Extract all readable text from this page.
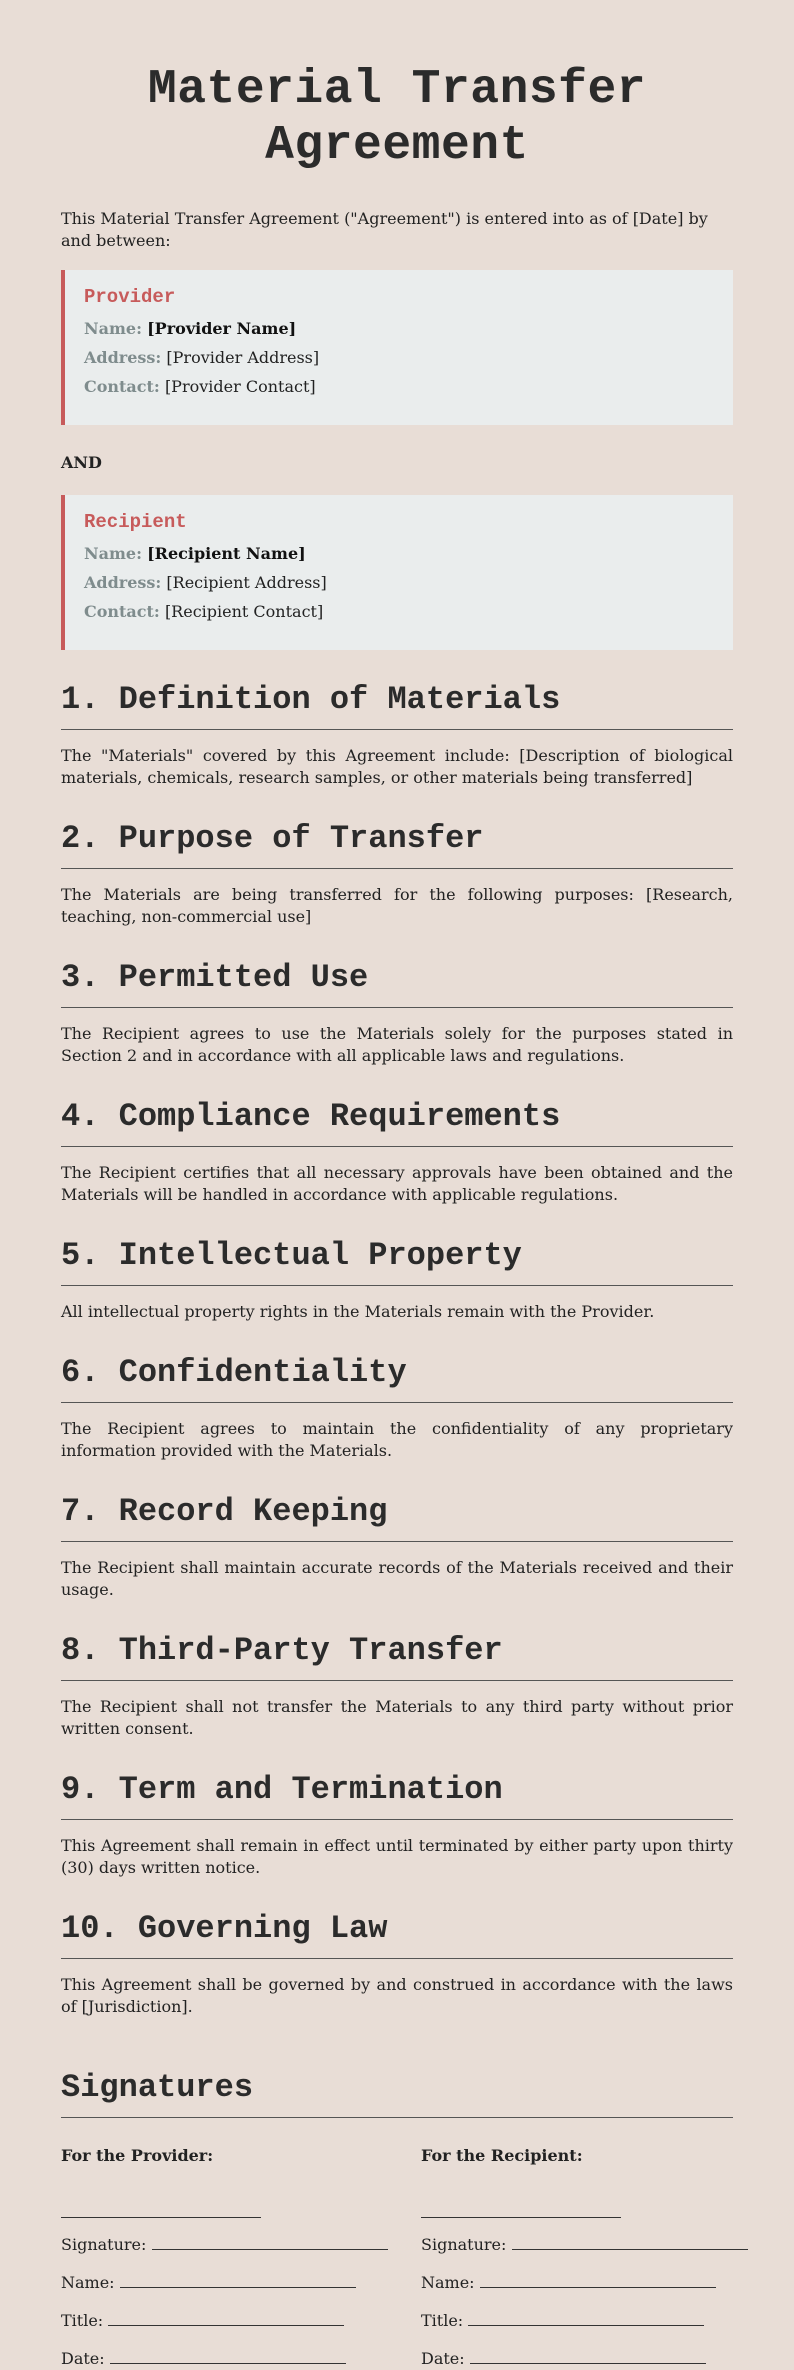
Material Transfer Agreement

This Material Transfer Agreement ("Agreement") is entered into as of [Date] by and between:

Provider
Name: [Provider Name]
Address: [Provider Address]
Contact: [Provider Contact]
AND
Recipient
Name: [Recipient Name]
Address: [Recipient Address]
Contact: [Recipient Contact]
1. Definition of Materials

The "Materials" covered by this Agreement include: [Description of biological materials, chemicals, research samples, or other materials being transferred]

2. Purpose of Transfer

The Materials are being transferred for the following purposes: [Research, teaching, non-commercial use]

3. Permitted Use

The Recipient agrees to use the Materials solely for the purposes stated in Section 2 and in accordance with all applicable laws and regulations.

4. Compliance Requirements

The Recipient certifies that all necessary approvals have been obtained and the Materials will be handled in accordance with applicable regulations.

5. Intellectual Property

All intellectual property rights in the Materials remain with the Provider.

6. Confidentiality

The Recipient agrees to maintain the confidentiality of any proprietary information provided with the Materials.

7. Record Keeping

The Recipient shall maintain accurate records of the Materials received and their usage.

8. Third-Party Transfer

The Recipient shall not transfer the Materials to any third party without prior written consent.

9. Term and Termination

This Agreement shall remain in effect until terminated by either party upon thirty (30) days written notice.

10. Governing Law

This Agreement shall be governed by and construed in accordance with the laws of [Jurisdiction].

Signatures
For the Provider:
Signature:
Name:
Title:
Date:
For the Recipient:
Signature:
Name:
Title:
Date:
